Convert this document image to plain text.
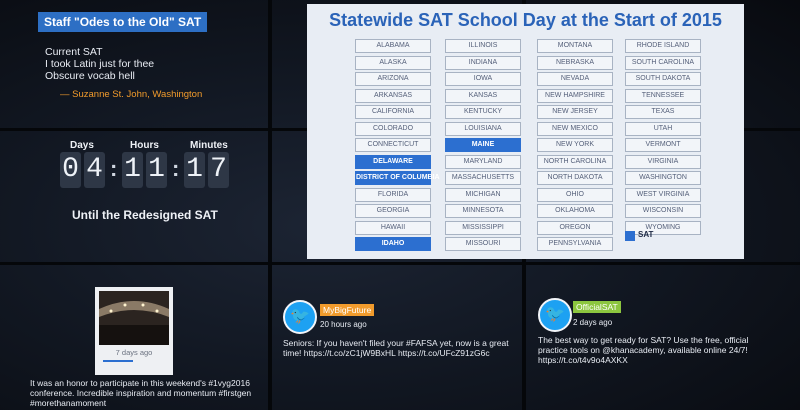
Staff "Odes to the Old" SAT
Current SAT
I took Latin just for thee
Obscure vocab hell
— Suzanne St. John, Washington
Days	Hours	Minutes
0 4 : 1 1 : 1 7
Until the Redesigned SAT
Statewide SAT School Day at the Start of 2015
ALABAMA
ALASKA
ARIZONA
ARKANSAS
CALIFORNIA
COLORADO
CONNECTICUT
DELAWARE
DISTRICT OF COLUMBIA
FLORIDA
GEORGIA
HAWAII
IDAHO
ILLINOIS
INDIANA
IOWA
KANSAS
KENTUCKY
LOUISIANA
MAINE
MARYLAND
MASSACHUSETTS
MICHIGAN
MINNESOTA
MISSISSIPPI
MISSOURI
MONTANA
NEBRASKA
NEVADA
NEW HAMPSHIRE
NEW JERSEY
NEW MEXICO
NEW YORK
NORTH CAROLINA
NORTH DAKOTA
OHIO
OKLAHOMA
OREGON
PENNSYLVANIA
RHODE ISLAND
SOUTH CAROLINA
SOUTH DAKOTA
TENNESSEE
TEXAS
UTAH
VERMONT
VIRGINIA
WASHINGTON
WEST VIRGINIA
WISCONSIN
WYOMING
SAT
7 days ago
It was an honor to participate in this weekend's #1vyg2016
conference. Incredible inspiration and momentum #firstgen
#morethanamoment
🐦	MyBigFuture
20 hours ago
Seniors: If you haven't filed your #FAFSA yet, now is a great
time! https://t.co/zC1jW9BxHL https://t.co/UFcZ91zG6c
🐦	OfficialSAT
2 days ago
The best way to get ready for SAT? Use the free, official
practice tools on @khanacademy, available online 24/7!
https://t.co/t4v9o4AXKX
